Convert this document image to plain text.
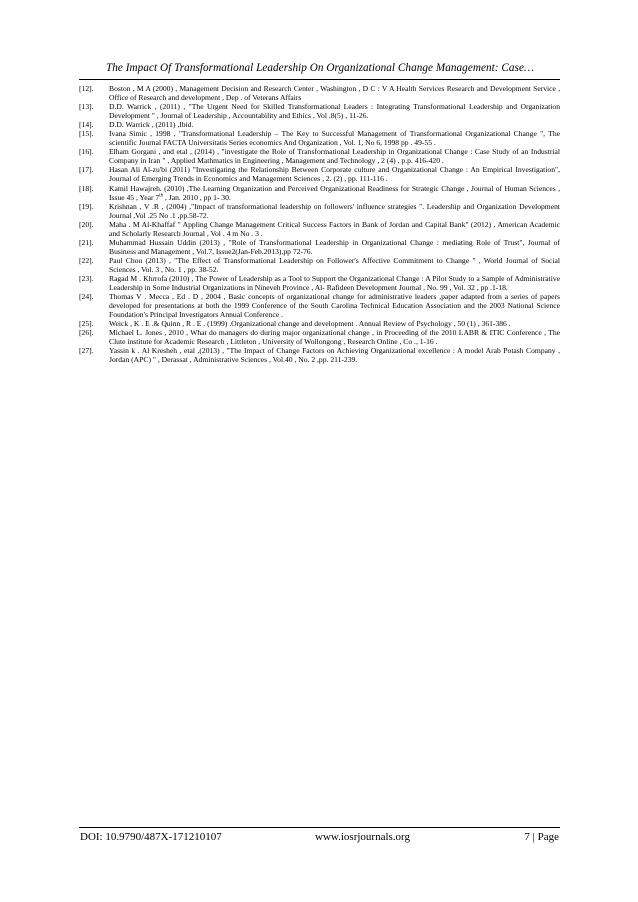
The Impact Of Transformational Leadership On Organizational Change Management: Case…
[12].	Boston , M A (2000) , Management Decision and Research Center , Washington , D C : V A Health Services Research and Development Service , Office of Research and development , Dep . of Veterans Affairs
[13].	D.D. Warrick , (2011) , "The Urgent Need for Skilled Transformational Leaders : Integrating Transformational Leadership and Organization Development " , Journal of Leadership , Accountability and Ethics , Vol .8(5) , 11-26.
[14].	D.D. Warrick , (2011) ,Ibid.
[15].	Ivana Simic , 1998 , "Transformational Leadership – The Key to Successful Management of Transformational Organizational Change ", The scientific Journal FACTA Universitatis Series economics And Organization , Vol. 1, No 6, 1998 pp . 49-55 .
[16].	Elham Gorgani , and etal , (2014) , "investigate the Role of Transformational Leadership in Organizational Change : Case Study of an Industrial Company in Iran " , Applied Mathmatics in Engineering , Management and Technology , 2 (4) , p.p. 416-420 .
[17].	Hasan Ali Al-zu'bi (2011) "Investigating the Relationship Between Corporate culture and Organizational Change : An Empirical Investigation", Journal of Emerging Trends in Economics and Management Sciences , 2. (2) , pp. 111-116 .
[18].	Kamil Hawajreh. (2010) ,The Learning Organization and Perceived Organizational Readiness for Strategic Change , Journal of Human Sciences , Issue 45 , Year 7th , Jan. 2010 , pp 1- 30.
[19].	Krishnan , V .R , (2004) ,"Impact of transformational leadership on followers' influence strategies ". Leadership and Organization Development Journal ,Vol .25 No .1 ,pp.58-72.
[20].	Maha . M Al-Khaffaf " Appling Change Management Critical Success Factors in Bank of Jordan and Capital Bank" (2012) , American Academic and Scholarly Research Journal , Vol . 4 m No . 3 .
[21].	Muhammad Hussain Uddin (2013) , "Role of Transformational Leadership in Organizational Change : mediating Role of Trust", Journal of Business and Management , Vol.7, Issue2(Jan-Feb.2013),pp 72-76.
[22].	Paul Chou (2013) , "The Effect of Transformational Leadership on Follower's Affective Commitment to Change " , World Journal of Social Sciences , Vol. 3 , No. 1 , pp. 38-52.
[23].	Ragad M . Khrrofa (2010) , The Power of Leadership as a Tool to Support the Organizational Change : A Pilot Study to a Sample of Administrative Leadership in Some Industrial Organizations in Nineveh Province , Al- Rafideen Development Journal , No. 99 , Vol. 32 , pp .1-18.
[24].	Thomas V . Mecca , Ed . D , 2004 , Basic concepts of organizational change for administrative leaders ,paper adapted from a series of papers developed for presentations at both the 1999 Conference of the South Carolina Technical Education Association and the 2003 National Science Foundation's Principal Investigators Annual Conference .
[25].	Weick , K . E .& Quinn , R . E . (1999) .Organizational change and development . Annual Review of Psychology , 50 (1) , 361-386 .
[26].	Michael L. Jones , 2010 , What do managers do during major organizational change , in Proceeding of the 2010 LABR & ITIC Conference , The Clute institute for Academic Research , Littleton , University of Wollongong , Research Online , Co ., 1-16 .
[27].	Yassin k . Al Kresheh , etal ,(2013) , "The Impact of Change Factors on Achieving Organizational excellence : A model Arab Potash Company , Jordan (APC) " , Derassat , Administrative Sciences , Vol.40 , No. 2 ,pp. 211-239.
DOI: 10.9790/487X-171210107	www.iosrjournals.org	7 | Page
